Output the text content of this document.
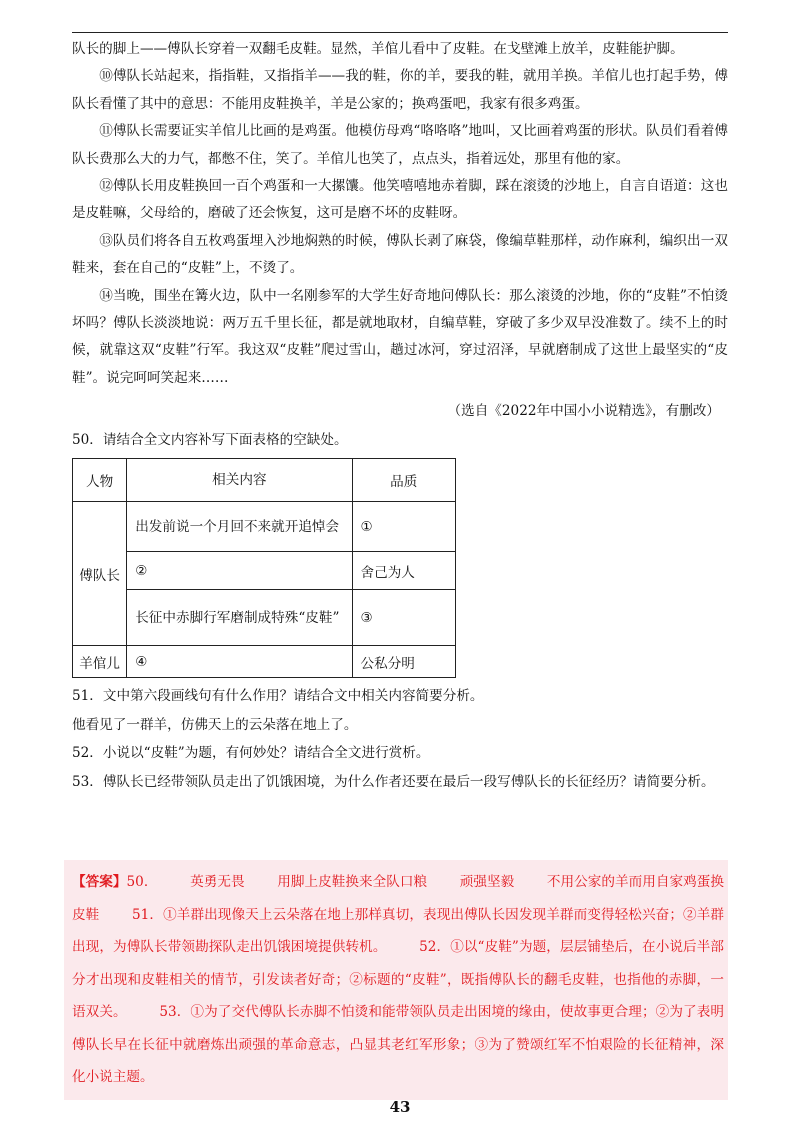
队长的脚上——傅队长穿着一双翻毛皮鞋。显然，羊倌儿看中了皮鞋。在戈壁滩上放羊，皮鞋能护脚。

⑩傅队长站起来，指指鞋，又指指羊——我的鞋，你的羊，要我的鞋，就用羊换。羊倌儿也打起手势，傅队长看懂了其中的意思：不能用皮鞋换羊，羊是公家的；换鸡蛋吧，我家有很多鸡蛋。

⑪傅队长需要证实羊倌儿比画的是鸡蛋。他模仿母鸡“咯咯咯”地叫，又比画着鸡蛋的形状。队员们看着傅队长费那么大的力气，都憋不住，笑了。羊倌儿也笑了，点点头，指着远处，那里有他的家。

⑫傅队长用皮鞋换回一百个鸡蛋和一大摞馕。他笑嘻嘻地赤着脚，踩在滚烫的沙地上，自言自语道：这也是皮鞋嘛，父母给的，磨破了还会恢复，这可是磨不坏的皮鞋呀。

⑬队员们将各自五枚鸡蛋埋入沙地焖熟的时候，傅队长剥了麻袋，像编草鞋那样，动作麻利，编织出一双鞋来，套在自己的“皮鞋”上，不烫了。

⑭当晚，围坐在篝火边，队中一名刚参军的大学生好奇地问傅队长：那么滚烫的沙地，你的“皮鞋”不怕烫坏吗？傅队长淡淡地说：两万五千里长征，都是就地取材，自编草鞋，穿破了多少双早没准数了。续不上的时候，就靠这双“皮鞋”行军。我这双“皮鞋”爬过雪山，趟过冰河，穿过沼泽，早就磨制成了这世上最坚实的“皮鞋”。说完呵呵笑起来……

（选自《2022年中国小小说精选》，有删改）

50．请结合全文内容补写下面表格的空缺处。

人物	相关内容	品质
傅队长	出发前说一个月回不来就开追悼会	①
	②	舍己为人
	长征中赤脚行军磨制成特殊“皮鞋”	③
羊倌儿	④	公私分明

51．文中第六段画线句有什么作用？请结合文中相关内容简要分析。

他看见了一群羊，仿佛天上的云朵落在地上了。

52．小说以“皮鞋”为题，有何妙处？请结合全文进行赏析。

53．傅队长已经带领队员走出了饥饿困境，为什么作者还要在最后一段写傅队长的长征经历？请简要分析。

【答案】50． 英勇无畏 用脚上皮鞋换来全队口粮 顽强坚毅 不用公家的羊而用自家鸡蛋换皮鞋 51．①羊群出现像天上云朵落在地上那样真切，表现出傅队长因发现羊群而变得轻松兴奋；②羊群出现，为傅队长带领勘探队走出饥饿困境提供转机。 52．①以“皮鞋”为题，层层铺垫后，在小说后半部分才出现和皮鞋相关的情节，引发读者好奇；②标题的“皮鞋”，既指傅队长的翻毛皮鞋，也指他的赤脚，一语双关。 53．①为了交代傅队长赤脚不怕烫和能带领队员走出困境的缘由，使故事更合理；②为了表明傅队长早在长征中就磨炼出顽强的革命意志，凸显其老红军形象；③为了赞颂红军不怕艰险的长征精神，深化小说主题。
43
